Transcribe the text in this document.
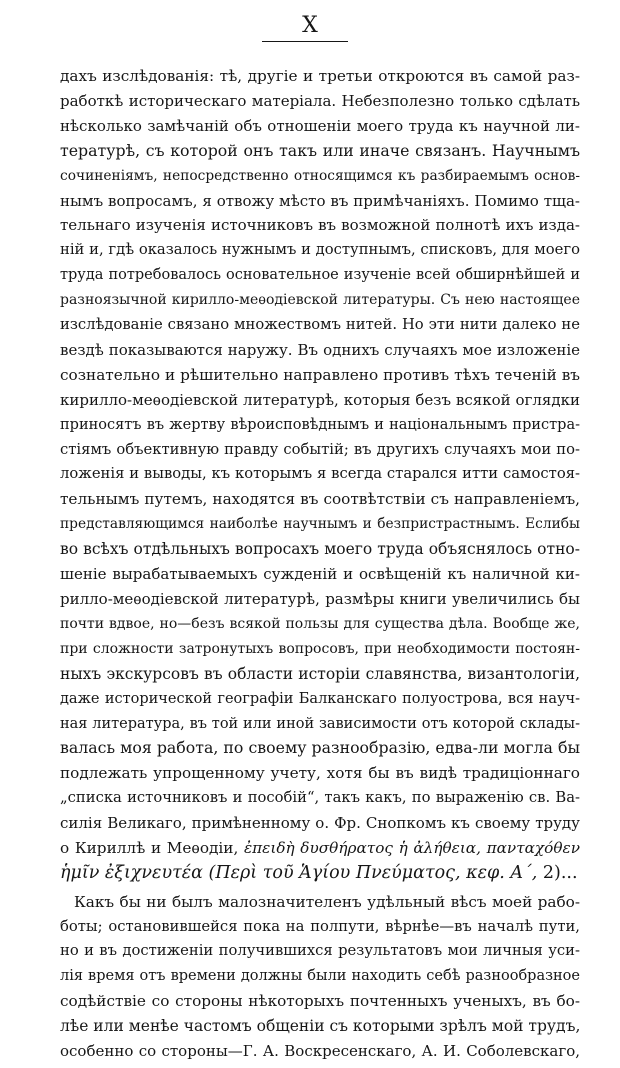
X
дахъ изслѣдованія: тѣ, другіе и третьи откроются въ самой раз-
работкѣ историческаго матеріала. Небезполезно только сдѣлать
нѣсколько замѣчаній объ отношеніи моего труда къ научной ли-
тературѣ, съ которой онъ такъ или иначе связанъ. Научнымъ
сочиненіямъ, непосредственно относящимся къ разбираемымъ основ-
нымъ вопросамъ, я отвожу мѣсто въ примѣчаніяхъ. Помимо тща-
тельнаго изученія источниковъ въ возможной полнотѣ ихъ изда-
ній и, гдѣ оказалось нужнымъ и доступнымъ, списковъ, для моего
труда потребовалось основательное изученіе всей обширнѣйшей и
разноязычной кирилло-меѳодіевской литературы. Съ нею настоящее
изслѣдованіе связано множествомъ нитей. Но эти нити далеко не
вездѣ показываются наружу. Въ однихъ случаяхъ мое изложеніе
сознательно и рѣшительно направлено противъ тѣхъ теченій въ
кирилло-меѳодіевской литературѣ, которыя безъ всякой оглядки
приносятъ въ жертву вѣроисповѣднымъ и національнымъ пристра-
стіямъ объективную правду событій; въ другихъ случаяхъ мои по-
ложенія и выводы, къ которымъ я всегда старался итти самостоя-
тельнымъ путемъ, находятся въ соотвѣтствіи съ направленіемъ,
представляющимся наиболѣе научнымъ и безпристрастнымъ. Еслибы
во всѣхъ отдѣльныхъ вопросахъ моего труда объяснялось отно-
шеніе вырабатываемыхъ сужденій и освѣщеній къ наличной ки-
рилло-меѳодіевской литературѣ, размѣры книги увеличились бы
почти вдвое, но—безъ всякой пользы для существа дѣла. Вообще же,
при сложности затронутыхъ вопросовъ, при необходимости постоян-
ныхъ экскурсовъ въ области исторіи славянства, византологіи,
даже исторической географіи Балканскаго полуострова, вся науч-
ная литература, въ той или иной зависимости отъ которой склады-
валась моя работа, по своему разнообразію, едва-ли могла бы
подлежать упрощенному учету, хотя бы въ видѣ традиціоннаго
„списка источниковъ и пособій“, такъ какъ, по выраженію св. Ва-
силія Великаго, примѣненному о. Фр. Снопкомъ къ своему труду
о Кириллѣ и Меѳодіи, ἐπειδὴ δυσθήρατος ἡ ἀλήθεια, πανταχόθεν
ἡμῖν ἐξιχνευτέα (Περὶ τοῦ Ἁγίου Πνεύματος, κεφ. Α΄, 2)...
Какъ бы ни былъ малозначителенъ удѣльный вѣсъ моей рабо-
боты; остановившейся пока на полпути, вѣрнѣе—въ началѣ пути,
но и въ достиженіи получившихся результатовъ мои личныя уси-
лія время отъ времени должны были находить себѣ разнообразное
содѣйствіе со стороны нѣкоторыхъ почтенныхъ ученыхъ, въ бо-
лѣе или менѣе частомъ общеніи съ которыми зрѣлъ мой трудъ,
особенно со стороны—Г. А. Воскресенскаго, А. И. Соболевскаго,
